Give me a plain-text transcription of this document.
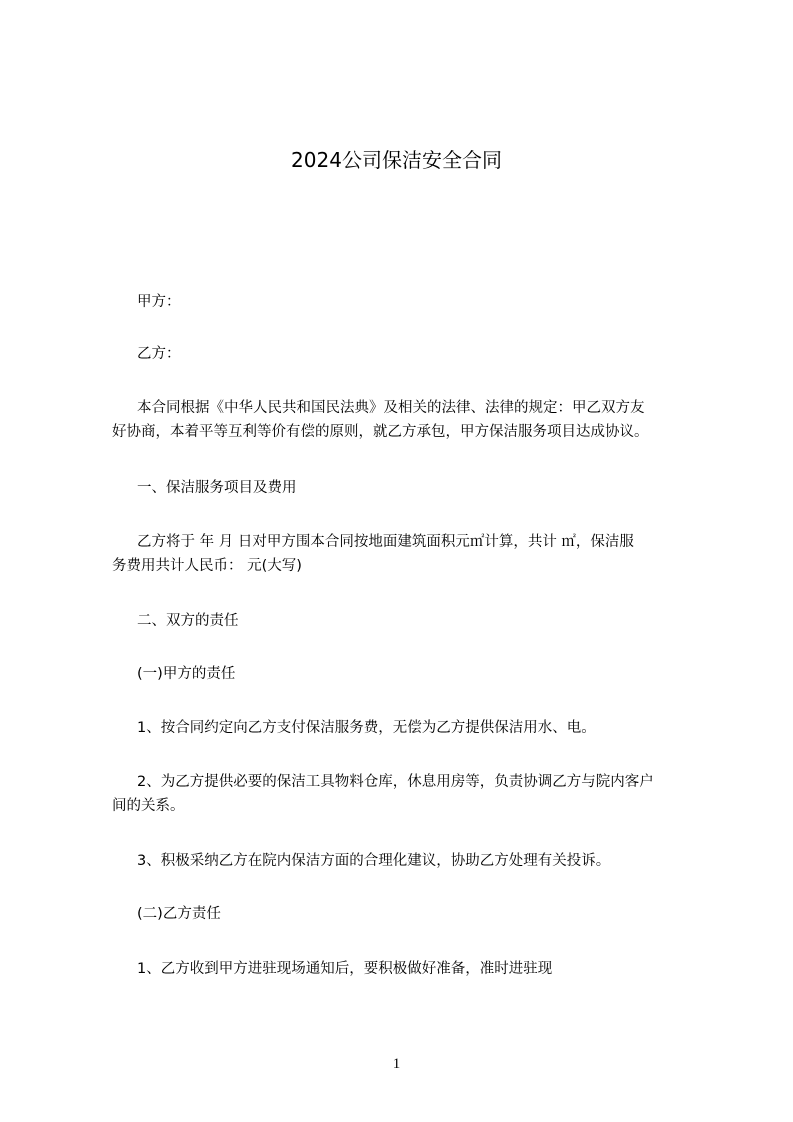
2024公司保洁安全合同
甲方：
乙方：
本合同根据《中华人民共和国民法典》及相关的法律、法律的规定：甲乙双方友
好协商，本着平等互利等价有偿的原则，就乙方承包，甲方保洁服务项目达成协议。
一、保洁服务项目及费用
乙方将于 年 月 日对甲方围本合同按地面建筑面积元㎡计算，共计 ㎡，保洁服
务费用共计人民币： 元(大写)
二、双方的责任
(一)甲方的责任
1、按合同约定向乙方支付保洁服务费，无偿为乙方提供保洁用水、电。
2、为乙方提供必要的保洁工具物料仓库，休息用房等，负责协调乙方与院内客户
间的关系。
3、积极采纳乙方在院内保洁方面的合理化建议，协助乙方处理有关投诉。
(二)乙方责任
1、乙方收到甲方进驻现场通知后，要积极做好准备，准时进驻现
1
